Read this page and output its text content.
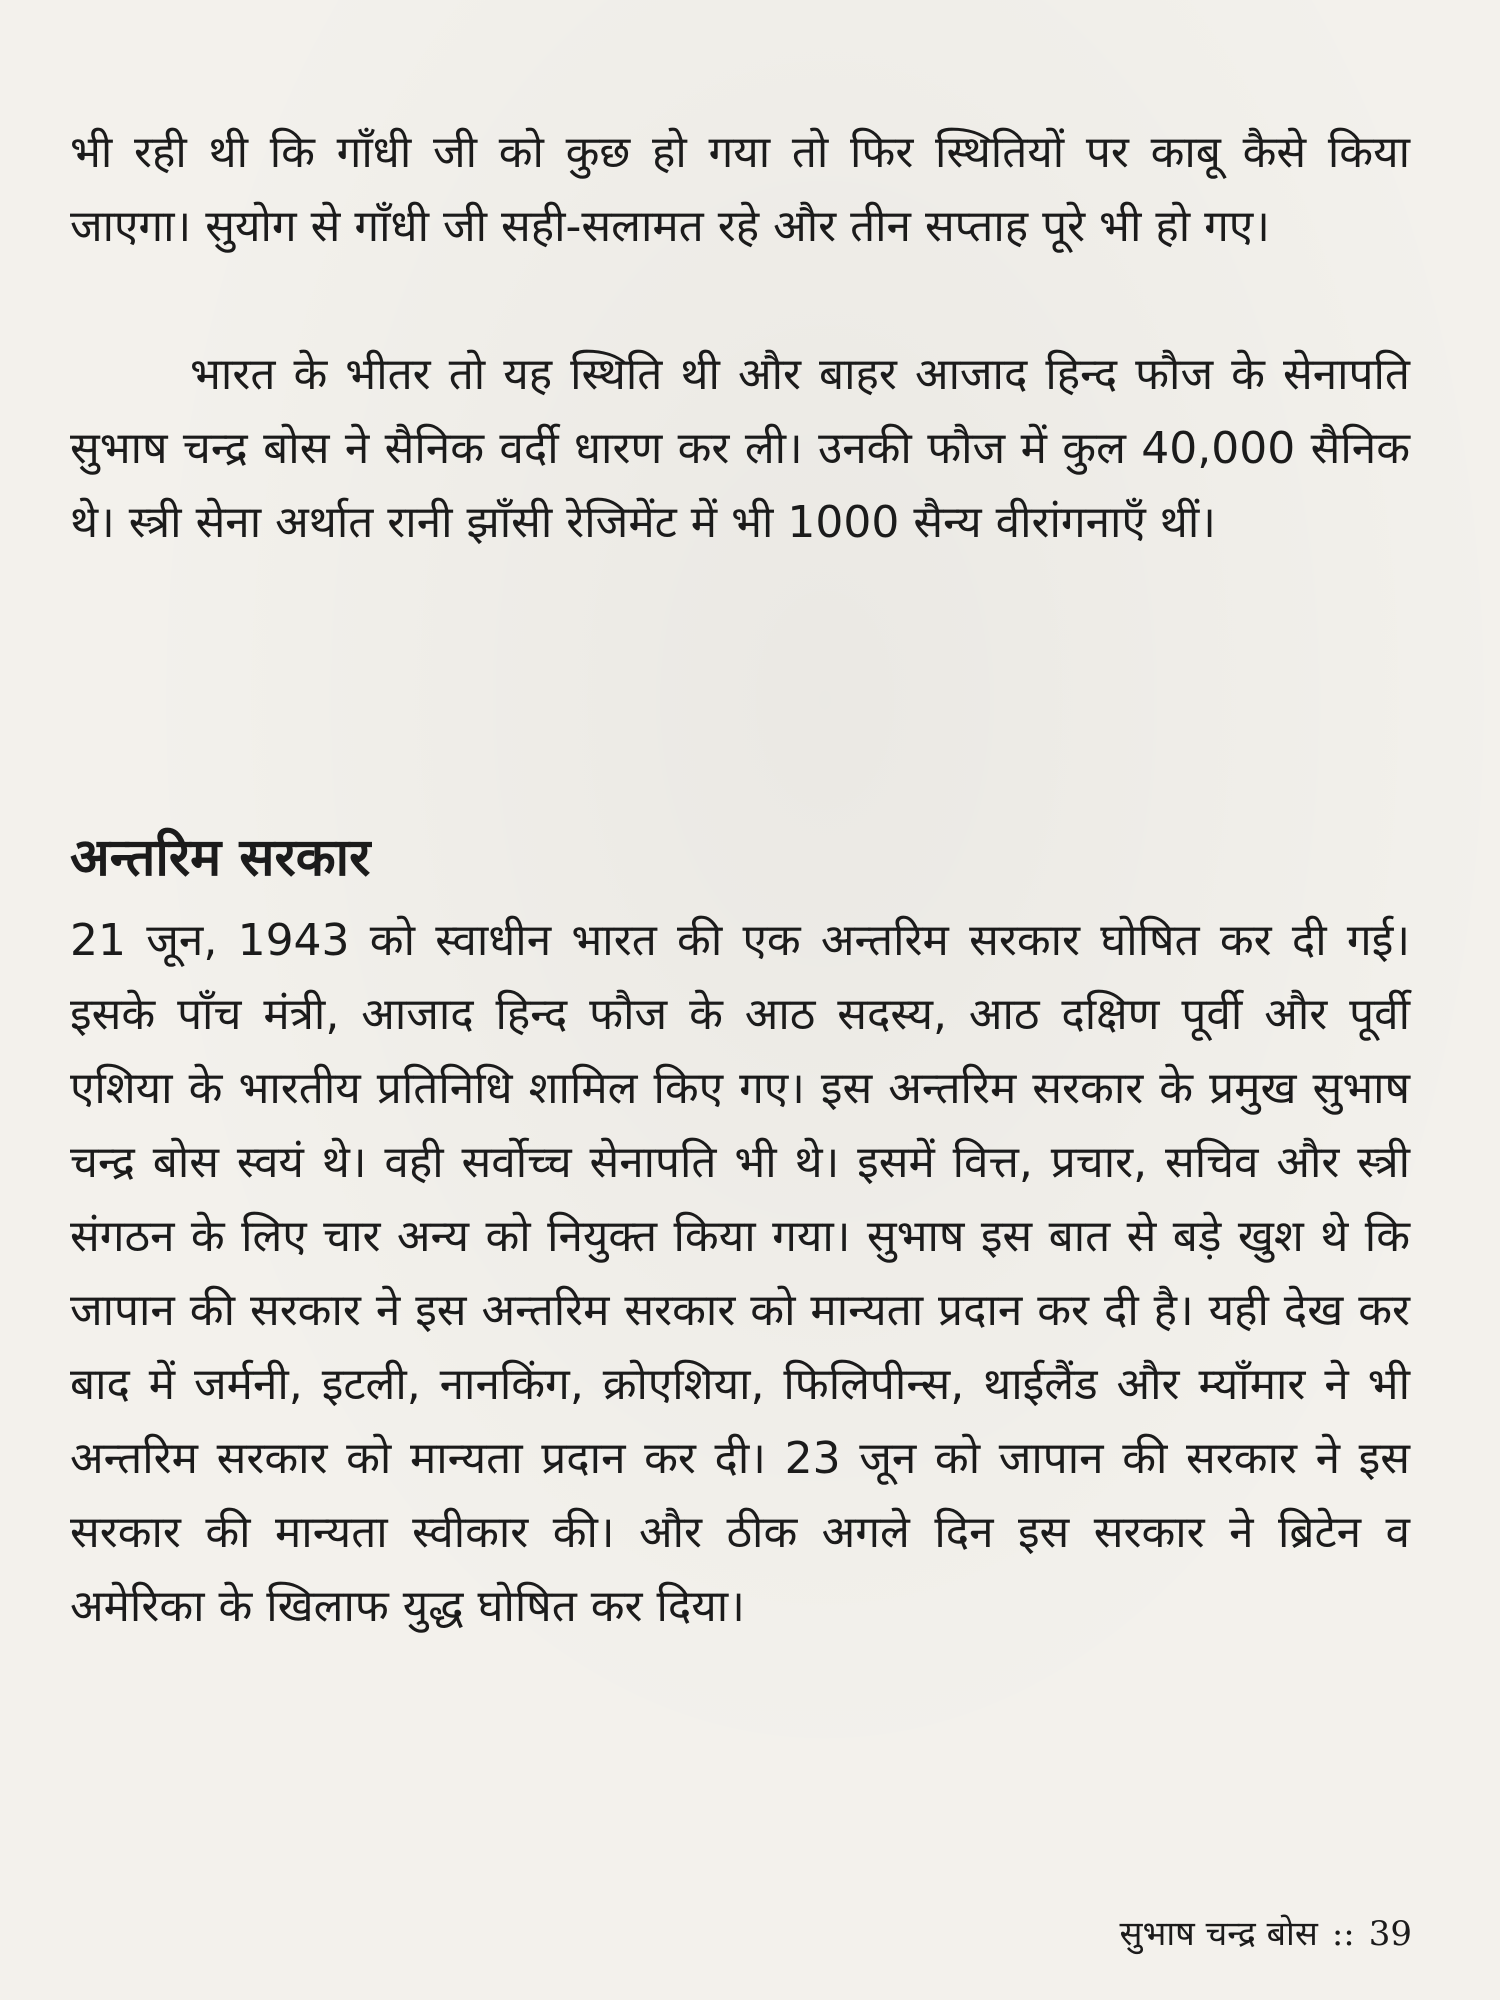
भी रही थी कि गाँधी जी को कुछ हो गया तो फिर स्थितियों पर काबू कैसे किया जाएगा। सुयोग से गाँधी जी सही-सलामत रहे और तीन सप्ताह पूरे भी हो गए।

भारत के भीतर तो यह स्थिति थी और बाहर आजाद हिन्द फौज के सेनापति सुभाष चन्द्र बोस ने सैनिक वर्दी धारण कर ली। उनकी फौज में कुल 40,000 सैनिक थे। स्त्री सेना अर्थात रानी झाँसी रेजिमेंट में भी 1000 सैन्य वीरांगनाएँ थीं।

अन्तरिम सरकार

21 जून, 1943 को स्वाधीन भारत की एक अन्तरिम सरकार घोषित कर दी गई। इसके पाँच मंत्री, आजाद हिन्द फौज के आठ सदस्य, आठ दक्षिण पूर्वी और पूर्वी एशिया के भारतीय प्रतिनिधि शामिल किए गए। इस अन्तरिम सरकार के प्रमुख सुभाष चन्द्र बोस स्वयं थे। वही सर्वोच्च सेनापति भी थे। इसमें वित्त, प्रचार, सचिव और स्त्री संगठन के लिए चार अन्य को नियुक्त किया गया। सुभाष इस बात से बड़े खुश थे कि जापान की सरकार ने इस अन्तरिम सरकार को मान्यता प्रदान कर दी है। यही देख कर बाद में जर्मनी, इटली, नानकिंग, क्रोएशिया, फिलिपीन्स, थाईलैंड और म्याँमार ने भी अन्तरिम सरकार को मान्यता प्रदान कर दी। 23 जून को जापान की सरकार ने इस सरकार की मान्यता स्वीकार की। और ठीक अगले दिन इस सरकार ने ब्रिटेन व अमेरिका के खिलाफ युद्ध घोषित कर दिया।

सुभाष चन्द्र बोस :: 39
